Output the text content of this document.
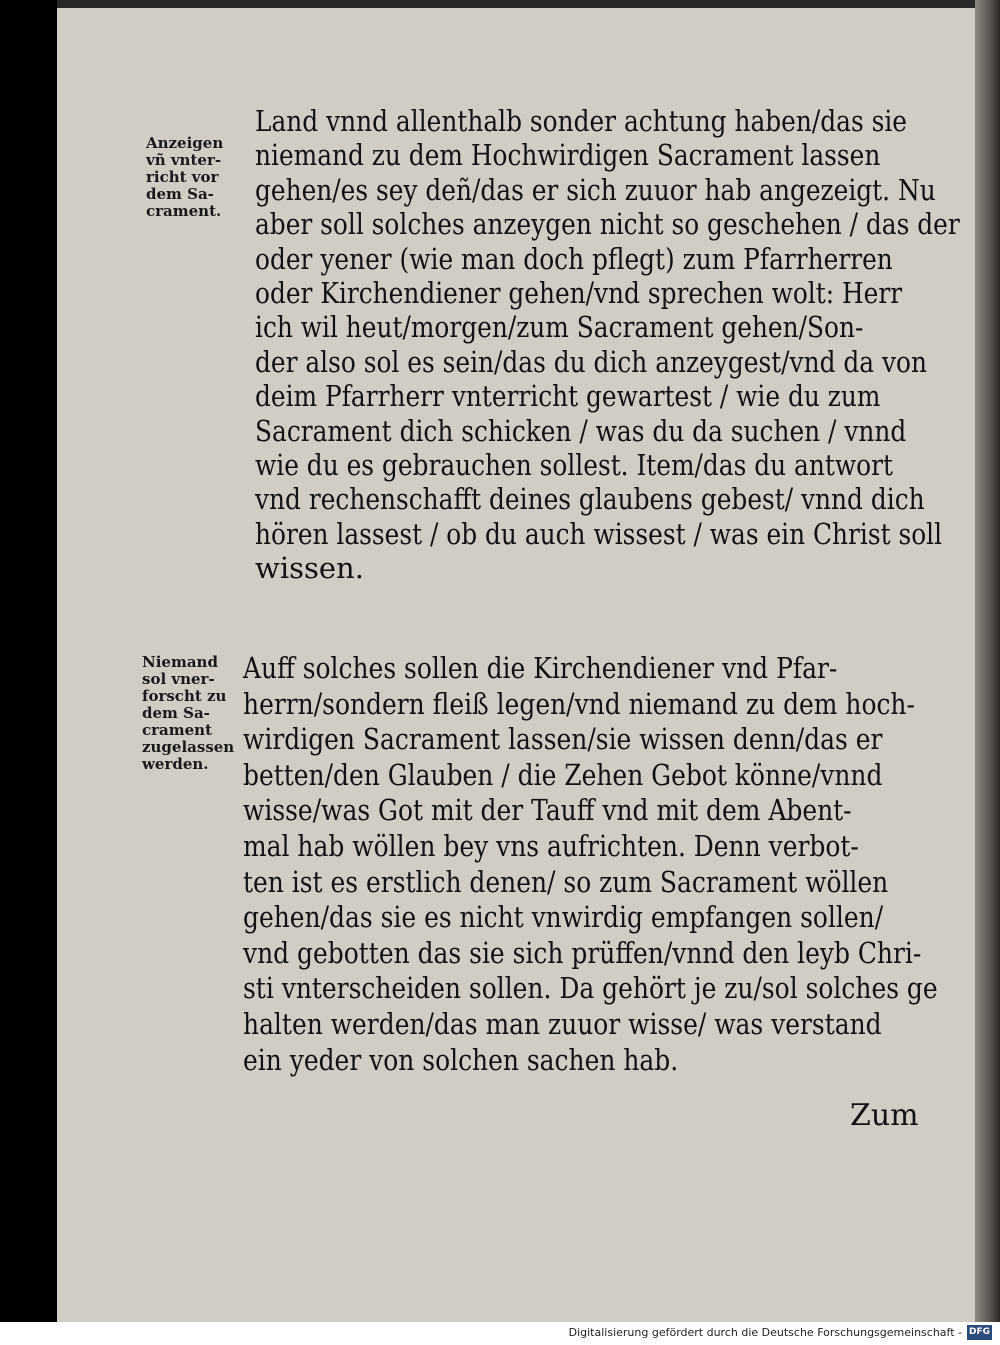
Anzeigen
vñ vnter-
richt vor
dem Sa-
crament.
Niemand
sol vner-
forscht zu
dem Sa-
crament
zugelassen
werden.
Land vnnd allenthalb sonder achtung haben/das sie
niemand zu dem Hochwirdigen Sacrament lassen
gehen/es sey deñ/das er sich zuuor hab angezeigt. Nu
aber soll solches anzeygen nicht so geschehen / das der
oder yener (wie man doch pflegt) zum Pfarrherren
oder Kirchendiener gehen/vnd sprechen wolt: Herr
ich wil heut/morgen/zum Sacrament gehen/Son-
der also sol es sein/das du dich anzeygest/vnd da von
deim Pfarrherr vnterricht gewartest / wie du zum
Sacrament dich schicken / was du da suchen / vnnd
wie du es gebrauchen sollest. Item/das du antwort
vnd rechenschafft deines glaubens gebest/ vnnd dich
hören lassest / ob du auch wissest / was ein Christ soll
wissen.
Auff solches sollen die Kirchendiener vnd Pfar-
herrn/sondern fleiß legen/vnd niemand zu dem hoch-
wirdigen Sacrament lassen/sie wissen denn/das er
betten/den Glauben / die Zehen Gebot könne/vnnd
wisse/was Got mit der Tauff vnd mit dem Abent-
mal hab wöllen bey vns aufrichten. Denn verbot-
ten ist es erstlich denen/ so zum Sacrament wöllen
gehen/das sie es nicht vnwirdig empfangen sollen/
vnd gebotten das sie sich prüffen/vnnd den leyb Chri-
sti vnterscheiden sollen. Da gehört je zu/sol solches ge
halten werden/das man zuuor wisse/ was verstand
ein yeder von solchen sachen hab.
Zum
Digitalisierung gefördert durch die Deutsche Forschungsgemeinschaft - DFG
